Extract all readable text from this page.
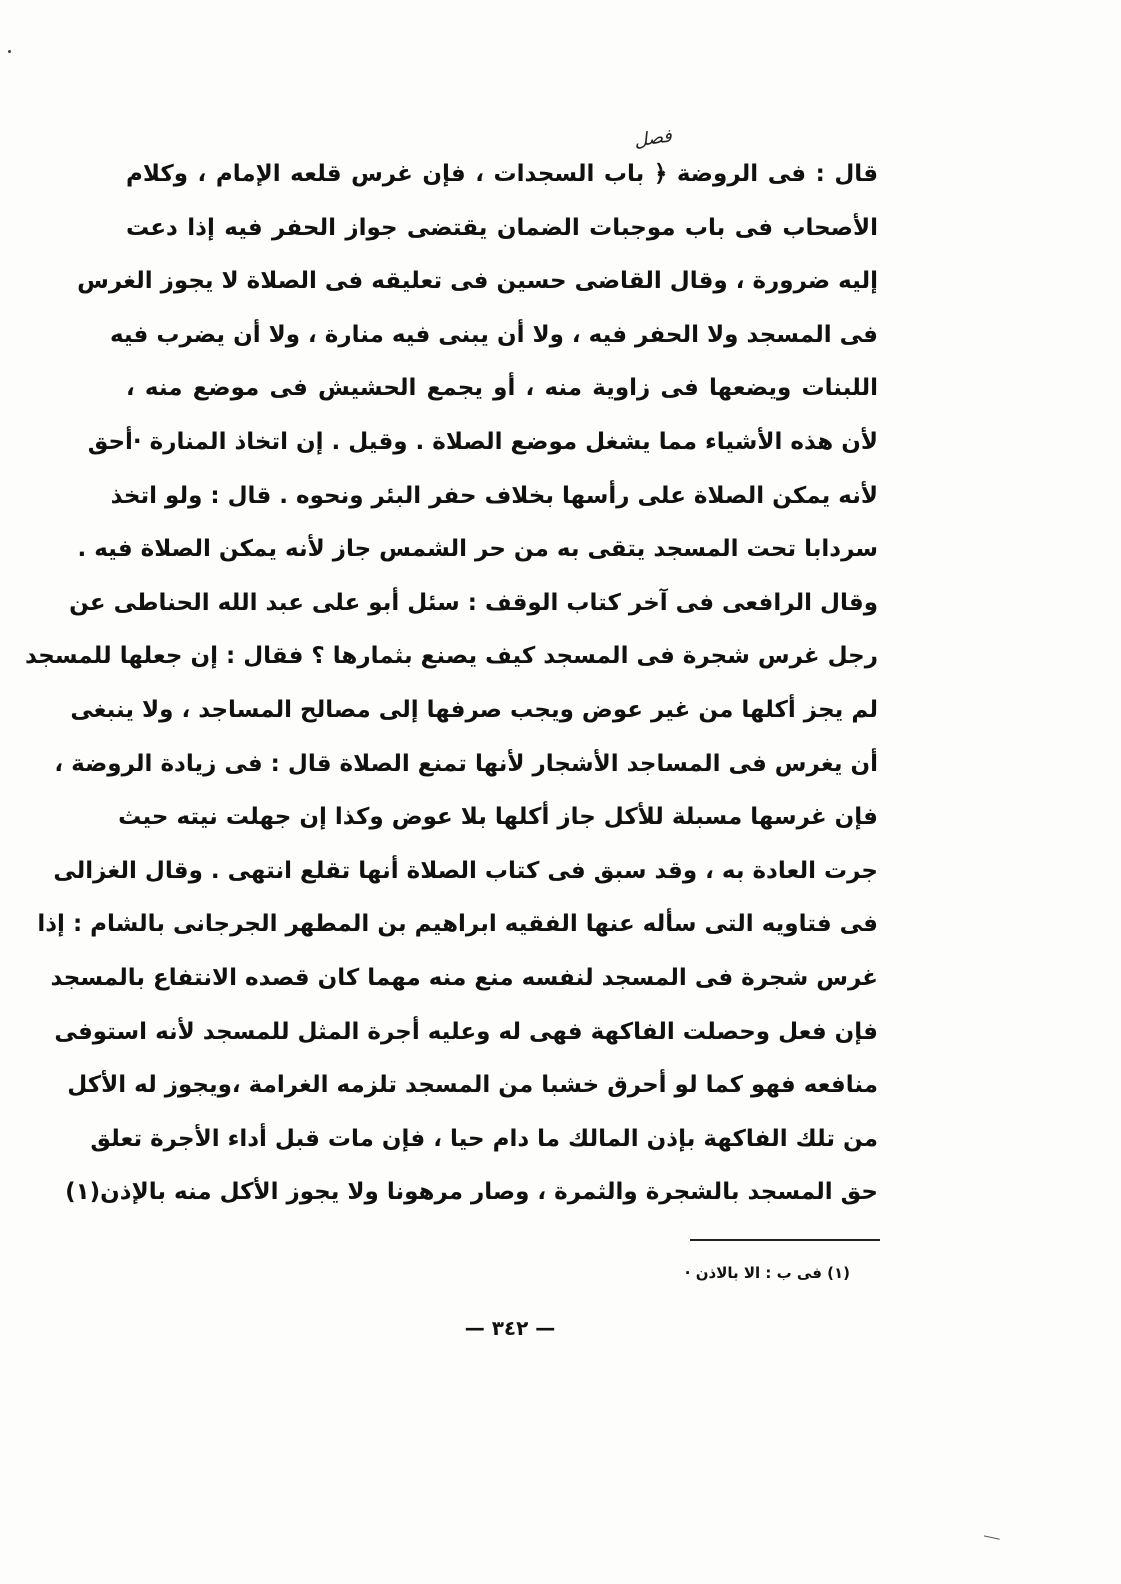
فصل
قال : فى الروضة ﴿ باب السجدات ، فإن غرس قلعه الإمام ، وكلام
الأصحاب فى باب موجبات الضمان يقتضى جواز الحفر فيه إذا دعت
إليه ضرورة ، وقال القاضى حسين فى تعليقه فى الصلاة لا يجوز الغرس
فى المسجد ولا الحفر فيه ، ولا أن يبنى فيه منارة ، ولا أن يضرب فيه
اللبنات ويضعها فى زاوية منه ، أو يجمع الحشيش فى موضع منه ،
لأن هذه الأشياء مما يشغل موضع الصلاة . وقيل . إن اتخاذ المنارة ·أحق
لأنه يمكن الصلاة على رأسها بخلاف حفر البئر ونحوه . قال : ولو اتخذ
سردابا تحت المسجد يتقى به من حر الشمس جاز لأنه يمكن الصلاة فيه .
وقال الرافعى فى آخر كتاب الوقف : سئل أبو على عبد الله الحناطى عن
رجل غرس شجرة فى المسجد كيف يصنع بثمارها ؟ فقال : إن جعلها للمسجد
لم يجز أكلها من غير عوض ويجب صرفها إلى مصالح المساجد ، ولا ينبغى
أن يغرس فى المساجد الأشجار لأنها تمنع الصلاة قال : فى زيادة الروضة ،
فإن غرسها مسبلة للأكل جاز أكلها بلا عوض وكذا إن جهلت نيته حيث
جرت العادة به ، وقد سبق فى كتاب الصلاة أنها تقلع انتهى . وقال الغزالى
فى فتاويه التى سأله عنها الفقيه ابراهيم بن المطهر الجرجانى بالشام : إذا
غرس شجرة فى المسجد لنفسه منع منه مهما كان قصده الانتفاع بالمسجد
فإن فعل وحصلت الفاكهة فهى له وعليه أجرة المثل للمسجد لأنه استوفى
منافعه فهو كما لو أحرق خشبا من المسجد تلزمه الغرامة ،ويجوز له الأكل
من تلك الفاكهة بإذن المالك ما دام حيا ، فإن مات قبل أداء الأجرة تعلق
حق المسجد بالشجرة والثمرة ، وصار مرهونا ولا يجوز الأكل منه بالإذن(١)
(١) فى ب : الا بالاذن ·
— ٣٤٢ —
